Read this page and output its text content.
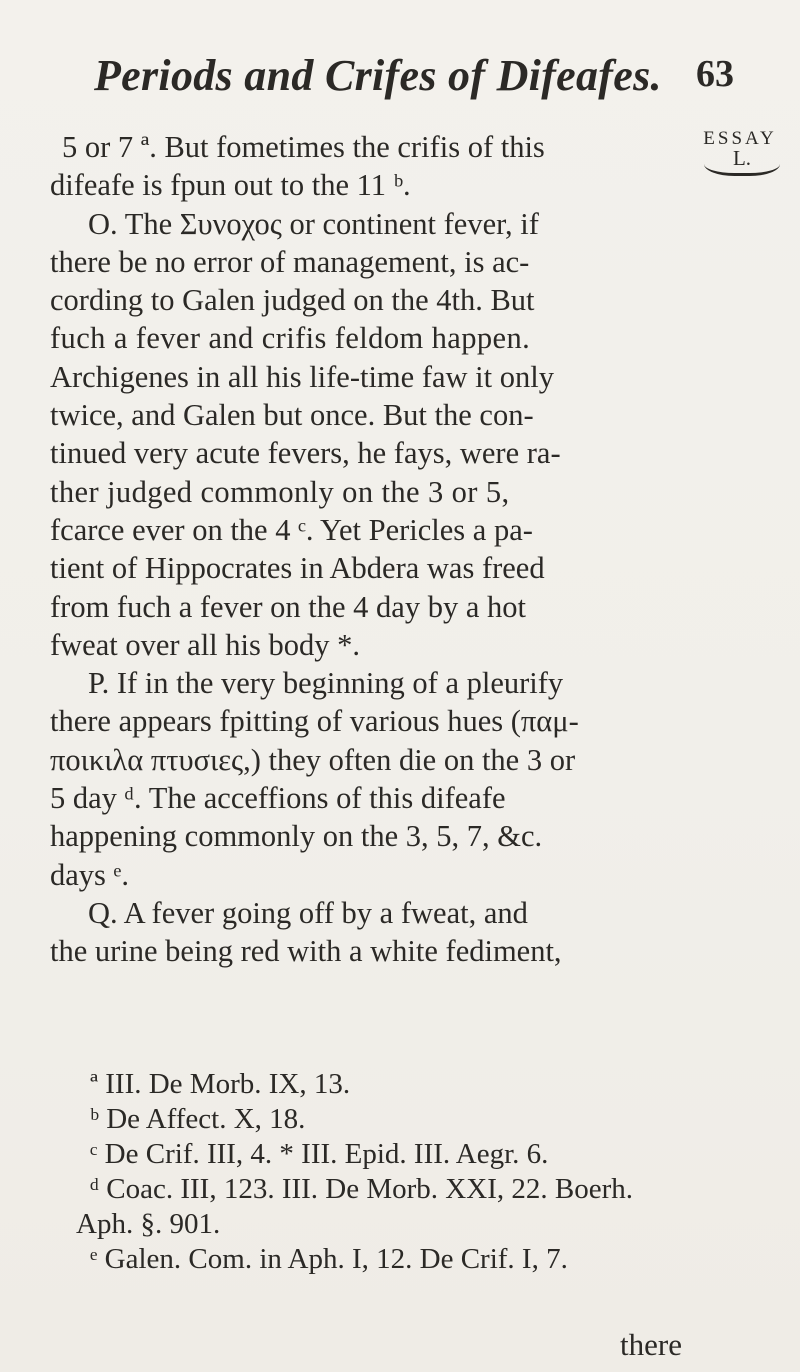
Periods and Crifes of Difeafes. 63
ESSAY
L.
5 or 7 ª. But fometimes the crifis of this
difeafe is fpun out to the 11 ᵇ.
O. The Συνοχος or continent fever, if
there be no error of management, is ac-
cording to Galen judged on the 4th. But
fuch a fever and crifis feldom happen.
Archigenes in all his life-time faw it only
twice, and Galen but once. But the con-
tinued very acute fevers, he fays, were ra-
ther judged commonly on the 3 or 5,
fcarce ever on the 4 ᶜ. Yet Pericles a pa-
tient of Hippocrates in Abdera was freed
from fuch a fever on the 4 day by a hot
fweat over all his body *.
P. If in the very beginning of a pleurify
there appears fpitting of various hues (παμ-
ποικιλα πτυσιες,) they often die on the 3 or
5 day ᵈ. The acceffions of this difeafe
happening commonly on the 3, 5, 7, &c.
days ᵉ.
Q. A fever going off by a fweat, and
the urine being red with a white fediment,
ª III. De Morb. IX, 13.
ᵇ De Affect. X, 18.
ᶜ De Crif. III, 4. * III. Epid. III. Aegr. 6.
ᵈ Coac. III, 123. III. De Morb. XXI, 22. Boerh.
Aph. §. 901.
ᵉ Galen. Com. in Aph. I, 12. De Crif. I, 7.
there
